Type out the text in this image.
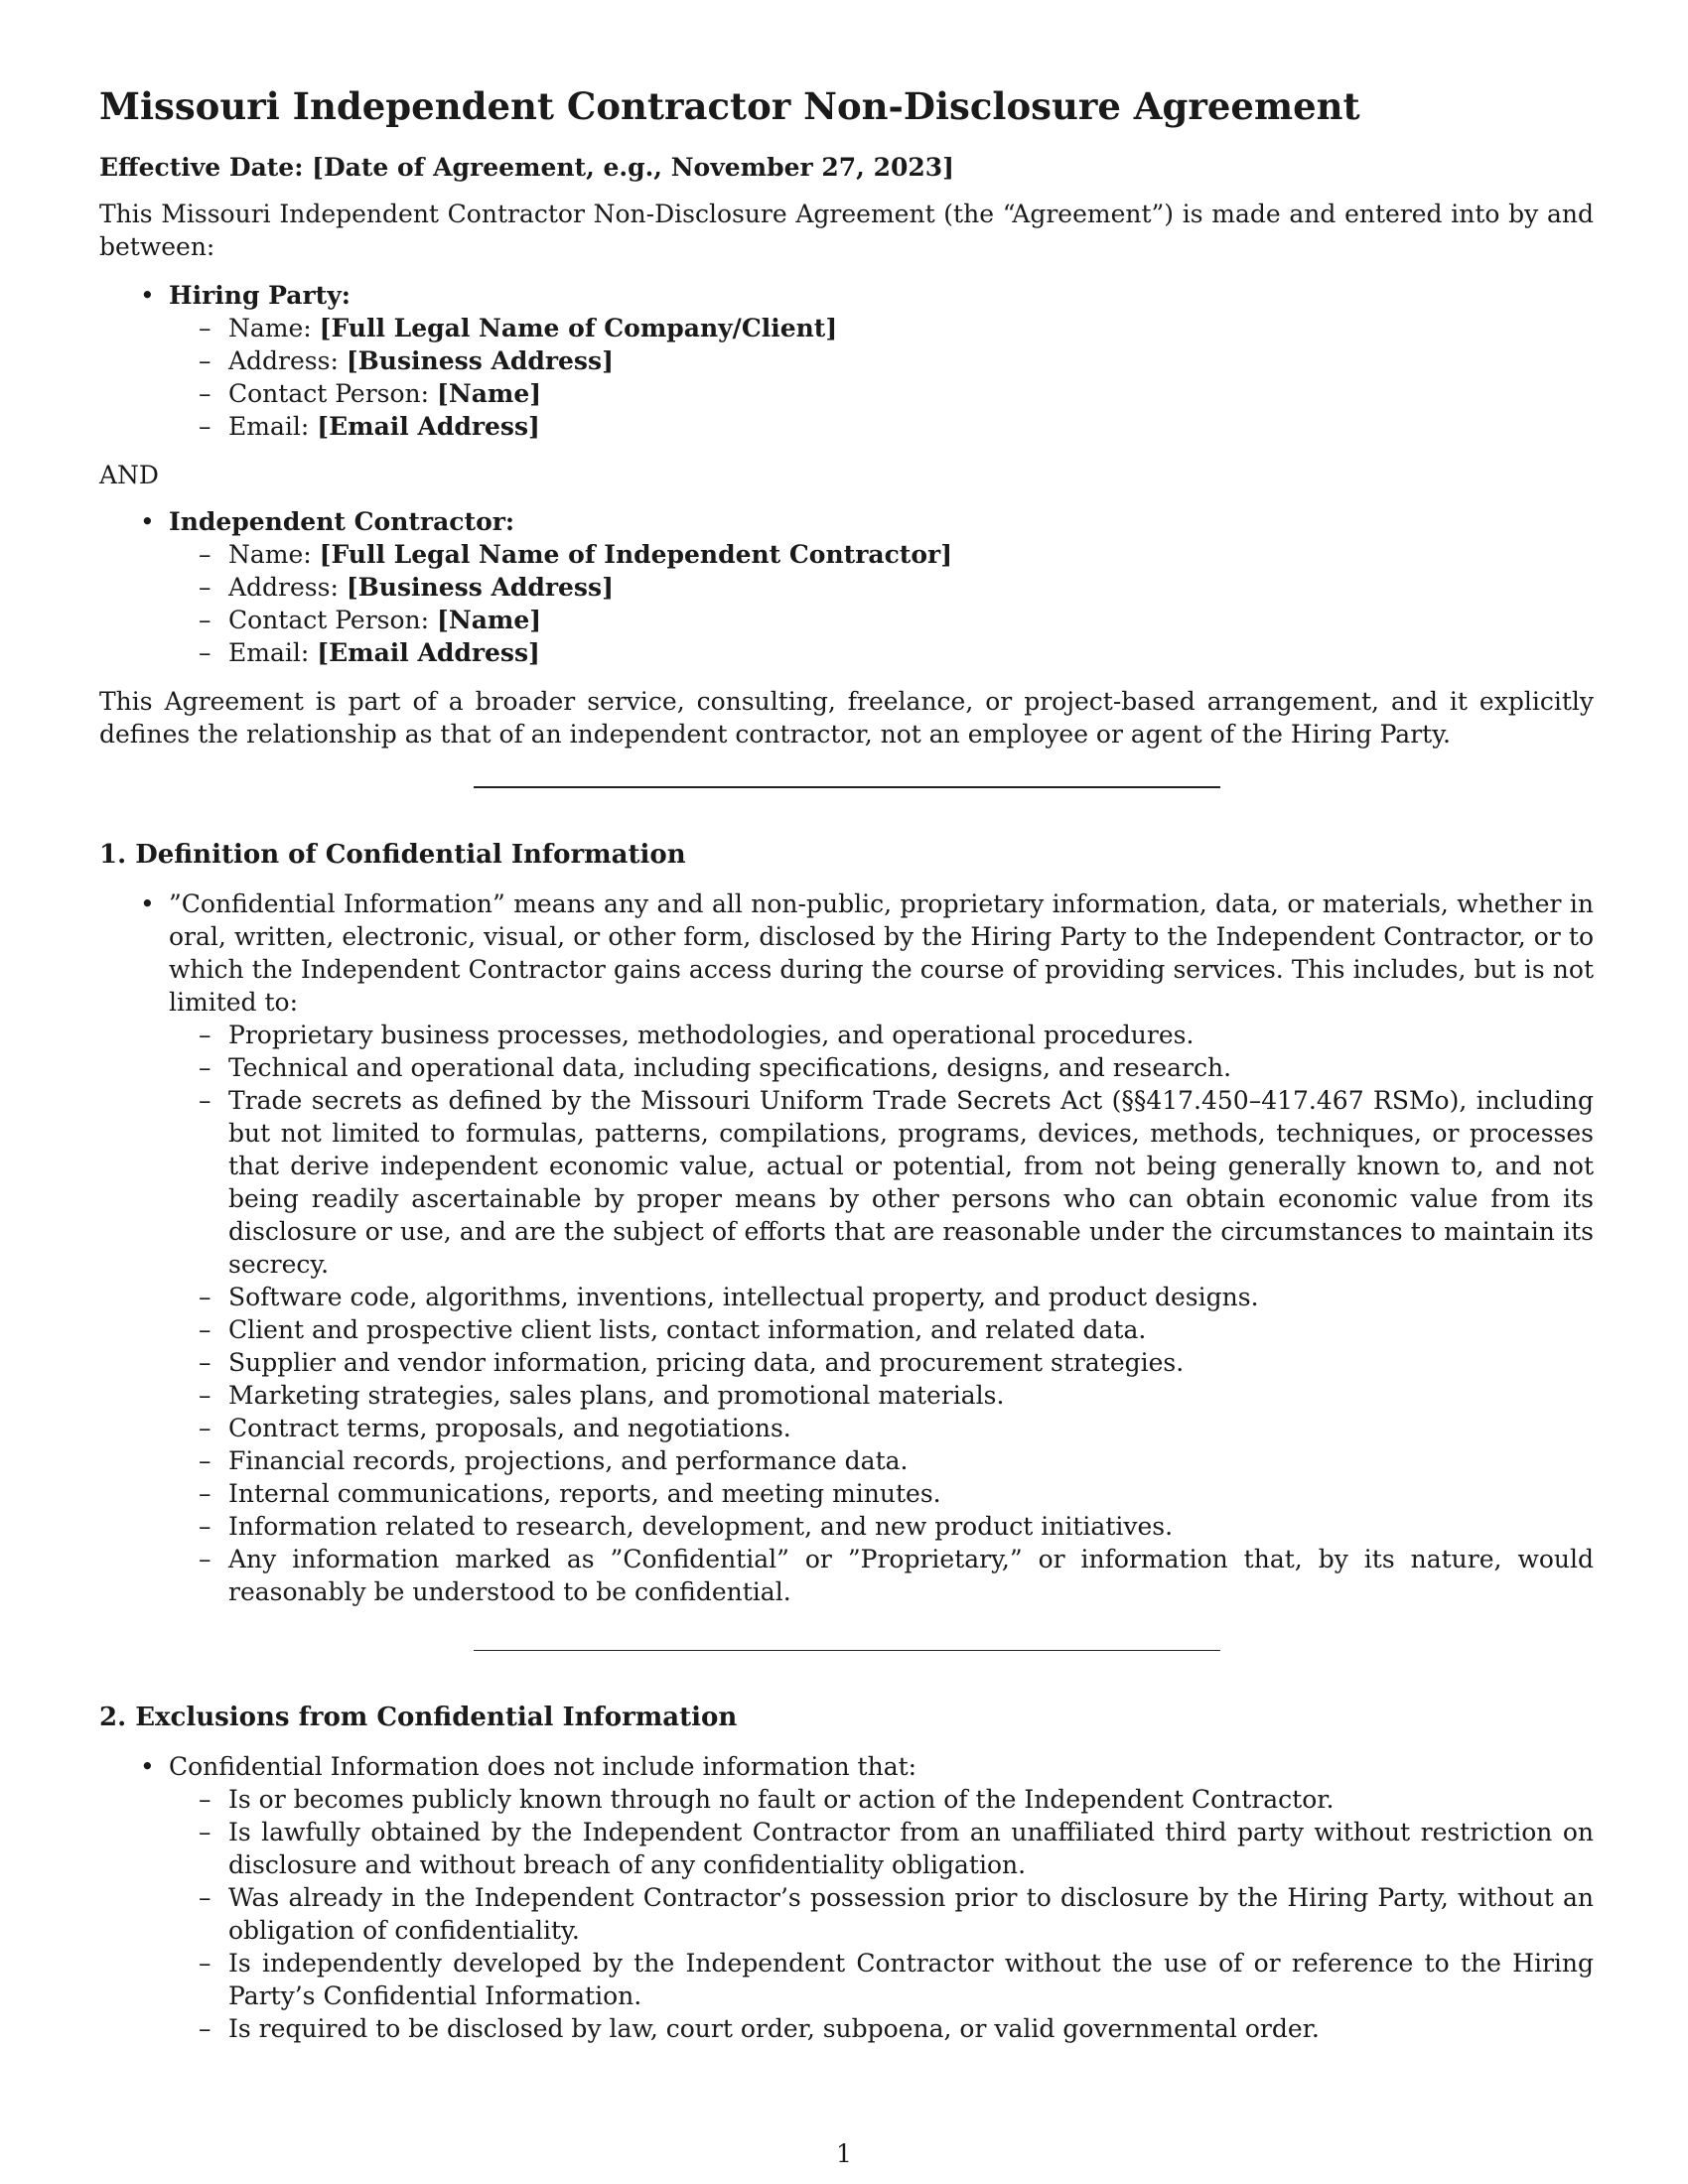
Missouri Independent Contractor Non-Disclosure Agreement
Effective Date: [Date of Agreement, e.g., November 27, 2023]

This Missouri Independent Contractor Non-Disclosure Agreement (the “Agreement”) is made and entered into by and between:

• Hiring Party:
– Name: [Full Legal Name of Company/Client]
– Address: [Business Address]
– Contact Person: [Name]
– Email: [Email Address]
AND
• Independent Contractor:
– Name: [Full Legal Name of Independent Contractor]
– Address: [Business Address]
– Contact Person: [Name]
– Email: [Email Address]

This Agreement is part of a broader service, consulting, freelance, or project-based arrangement, and it explicitly defines the relationship as that of an independent contractor, not an employee or agent of the Hiring Party.

1. Definition of Confidential Information
• ”Confidential Information” means any and all non-public, proprietary information, data, or materials, whether in oral, written, electronic, visual, or other form, disclosed by the Hiring Party to the Independent Contractor, or to which the Independent Contractor gains access during the course of providing services. This includes, but is not limited to:
– Proprietary business processes, methodologies, and operational procedures.
– Technical and operational data, including specifications, designs, and research.
– Trade secrets as defined by the Missouri Uniform Trade Secrets Act (§§417.450–417.467 RSMo), including but not limited to formulas, patterns, compilations, programs, devices, methods, techniques, or processes that derive independent economic value, actual or potential, from not being generally known to, and not being readily ascertainable by proper means by other persons who can obtain economic value from its disclosure or use, and are the subject of efforts that are reasonable under the circumstances to maintain its secrecy.
– Software code, algorithms, inventions, intellectual property, and product designs.
– Client and prospective client lists, contact information, and related data.
– Supplier and vendor information, pricing data, and procurement strategies.
– Marketing strategies, sales plans, and promotional materials.
– Contract terms, proposals, and negotiations.
– Financial records, projections, and performance data.
– Internal communications, reports, and meeting minutes.
– Information related to research, development, and new product initiatives.
– Any information marked as ”Confidential” or ”Proprietary,” or information that, by its nature, would reasonably be understood to be confidential.
2. Exclusions from Confidential Information
• Confidential Information does not include information that:
– Is or becomes publicly known through no fault or action of the Independent Contractor.
– Is lawfully obtained by the Independent Contractor from an unaffiliated third party without restriction on disclosure and without breach of any confidentiality obligation.
– Was already in the Independent Contractor’s possession prior to disclosure by the Hiring Party, without an obligation of confidentiality.
– Is independently developed by the Independent Contractor without the use of or reference to the Hiring Party’s Confidential Information.
– Is required to be disclosed by law, court order, subpoena, or valid governmental order.
1
